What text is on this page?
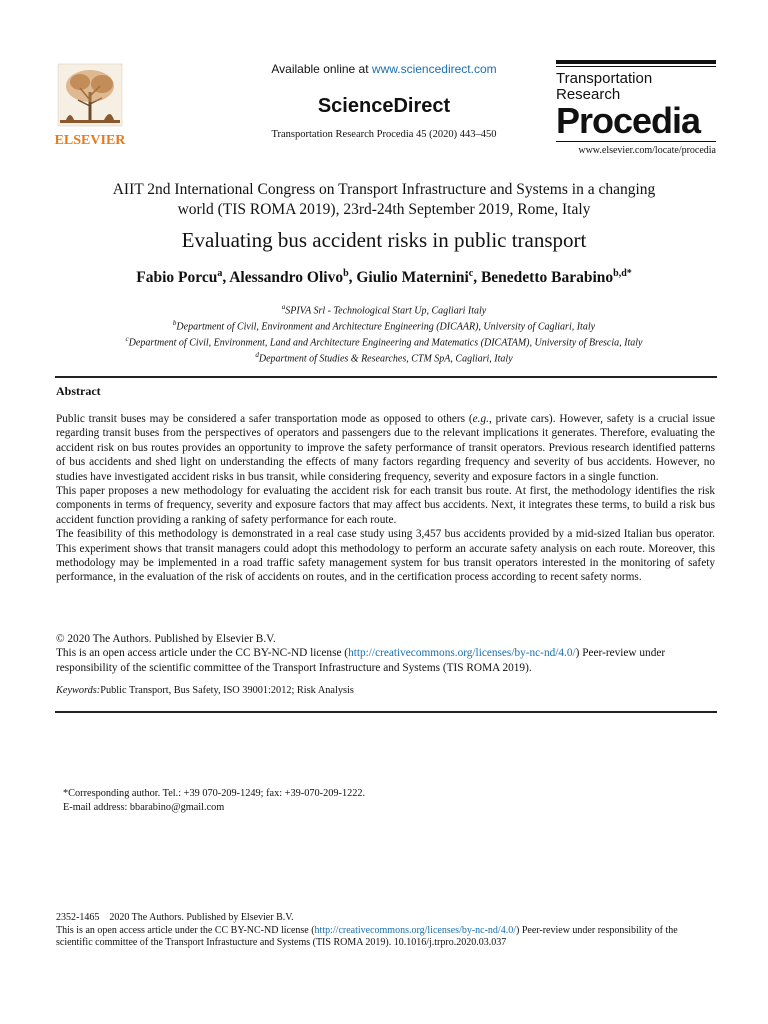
ELSEVIER
Available online at www.sciencedirect.com
ScienceDirect
Transportation Research Procedia 45 (2020) 443–450
Transportation
Research
Procedia
www.elsevier.com/locate/procedia
AIIT 2nd International Congress on Transport Infrastructure and Systems in a changing world (TIS ROMA 2019), 23rd-24th September 2019, Rome, Italy
Evaluating bus accident risks in public transport
Fabio Porcu$^a$, Alessandro Olivo$^b$, Giulio Maternini$^c$, Benedetto Barabino$^{b,d*}$
$^a$SPIVA Srl - Technological Start Up, Cagliari Italy
$^b$Department of Civil, Environment and Architecture Engineering (DICAAR), University of Cagliari, Italy
$^c$Department of Civil, Environment, Land and Architecture Engineering and Matematics (DICATAM), University of Brescia, Italy
$^d$Department of Studies & Researches, CTM SpA, Cagliari, Italy
Abstract

Public transit buses may be considered a safer transportation mode as opposed to others (e.g., private cars). However, safety is a crucial issue regarding transit buses from the perspectives of operators and passengers due to the relevant implications it generates. Therefore, evaluating the accident risk on bus routes provides an opportunity to improve the safety performance of transit operators. Previous research identified patterns of bus accidents and shed light on understanding the effects of many factors regarding frequency and severity of bus accidents. However, no studies have investigated accident risks in bus transit, while considering frequency, severity and exposure factors in a single function.

This paper proposes a new methodology for evaluating the accident risk for each transit bus route. At first, the methodology identifies the risk components in terms of frequency, severity and exposure factors that may affect bus accidents. Next, it integrates these terms, to build a risk bus accident function providing a ranking of safety performance for each route.

The feasibility of this methodology is demonstrated in a real case study using 3,457 bus accidents provided by a mid-sized Italian bus operator. This experiment shows that transit managers could adopt this methodology to perform an accurate safety analysis on each route. Moreover, this methodology may be implemented in a road traffic safety management system for bus transit operators interested in the monitoring of safety performance, in the evaluation of the risk of accidents on routes, and in the certification process according to recent safety norms.

© 2020 The Authors. Published by Elsevier B.V.

This is an open access article under the CC BY-NC-ND license (http://creativecommons.org/licenses/by-nc-nd/4.0/) Peer-review under responsibility of the scientific committee of the Transport Infrastructure and Systems (TIS ROMA 2019).

Keywords:Public Transport, Bus Safety, ISO 39001:2012; Risk Analysis
*Corresponding author. Tel.: +39 070-209-1249; fax: +39-070-209-1222.
E-mail address: bbarabino@gmail.com
2352-1465    2020 The Authors. Published by Elsevier B.V.
This is an open access article under the CC BY-NC-ND license (http://creativecommons.org/licenses/by-nc-nd/4.0/) Peer-review under responsibility of the scientific committee of the Transport Infrastucture and Systems (TIS ROMA 2019). 10.1016/j.trpro.2020.03.037
